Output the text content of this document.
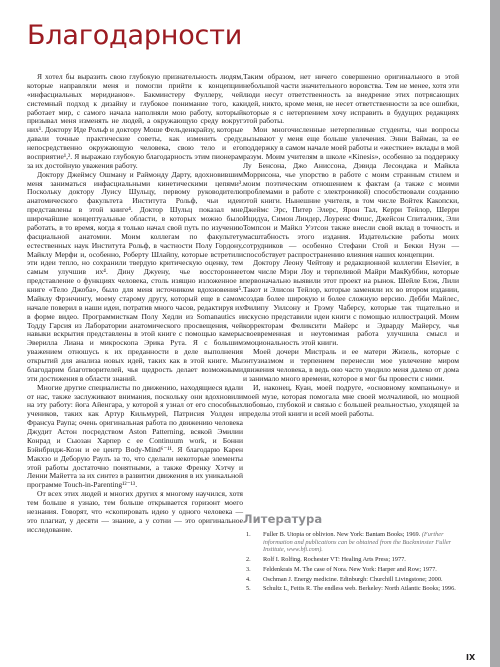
Благодарности

Я хотел бы выразить свою глубокую признательность людям, которые направляли меня и помогли прийти к концепции «инфасциальных меридианов». Бакминстеру Фуллеру, чей системный подход к дизайну и глубокое понимание того, как работает мир, с самого начала наполняли мою работу, который призывал меня изменять не людей, а окружающую среду вокруг них¹. Доктору Иде Рольф и доктору Моше Фельденкрайзу, которые давали точные практические советы, как изменить среду, непосредственно окружающую человека, свою тело и его восприятие¹,². Я выражаю глубокую благодарность этим пионерам за их достойную уважения работу.

Доктору Джеймсу Ошману и Раймонду Дарту, вдохновившим меня заниматься инфасциальными кинетическими цепями³. Поскольку доктору Луису Шульцу, первому руководителю анатомического факультета Института Рольф, чьи идеи представлены в этой книге⁴. Доктор Шульц показал мне широчайшие концептуальные области, в которых можно было работать, в то время, когда я только начал свой путь по изучению фасциальной анатомии. Моим коллегам по факультету естественных наук Института Рольф, в частности Полу Гордону, Майклу Мерфи и, особенно, Роберту Шлайпу, которые встретили эти идеи тепло, но сохранили твердую критическую оценку, тем самым улучшив их⁴. Дину Джуену, чье восстороннее представление о функциях человека, столь изящно изложенное в книге «Тело Джоба», было для меня источником вдохновения⁵. Майклу Фрэнчингу, моему старому другу, который еще в самом начале поверил в наши идеи, потратив много часов, редактируя их в форме видео. Программисткам Полу Хедли из Somanautics и Тодду Гарсия из Лаборатории анатомического просвещения, чей навыки вскрытия представлены в этой книге с помощью камеры Эверилла Лиана и микроскопа Эрика Рута. Я с большим уважением отношусь к их преданности в деле выполнения открытий для анализа новых идей, таких как в этой книге. Мы благодарим благотворителей, чья щедрость делает возможными эти достижения в области знаний.

Многие другие специалисты по движению, находящиеся вдали от нас, также заслуживают внимания, поскольку они вдохновили на эту работу: йога Айенгара, у которой я узнал от его способных учеников, таких как Артур Кильмурей, Патрисия Уолден и Франсуа Раупа; очень оригинальная работа по движению человека Джудит Астон посредством Aston Patterning, всякой Эмилии Конрад и Сьюзан Харпер с ее Continuum work, и Бонни Бэйнбридж-Коэн и ее центр Body-Mind⁶⁻¹¹. Я благодарю Карен Макхзо и Деборую Раулъ за то, что сделали некоторые элементы этой работы достаточно понятными, а также Френку Хэтчу и Ленни Майетта за их синтез в развитии движения в их уникальной программе Touch-in-Parenting¹²⁻¹³.

От всех этих людей и многих других я многому научился, хотя тем больше я узнаю, тем больше открывается горизонт моего незнания. Говорят, что «скопировать идею у одного человека — это плагиат, у десяти — знание, а у сотни — это оригинальное исследование.

Таким образом, нет ничего совершенно оригинального в этой небольшой части значительного воровства. Тем не менее, хотя эти люди несут ответственность за внедрение этих потрясающих идей, никто, кроме меня, не несет ответственности за все ошибки, которые я с нетерпением хочу исправить в будущих редакциях этой работы.

Мои многочисленные нетерпеливые студенты, чьи вопросы вызывают у меня еще больше увлечения. Энни Вайман, за ее поддержку в самом начале моей работы и «жесткие» вклады в мой разум. Моим учителям в школе «Kinesis», особенно за поддержку Лу Бенсона, Джо Аниссона, Дэвида Лесондака и Майкла Моррисона, чье упорство в работе с моим странным стилем и моим поэтическим отношением к фактам (а также с моими проблемами в работе с электроникой) способствовали созданию этой книги. Нынешние учителя, в том числе Войтек Какопски, Джеймс Эрс, Питер Элерс, Ярон Тал, Керри Тейлор, Шерри Ицидуа, Симон Линдер, Лоуренс Фишс, Джейсон Спиталник, Эли Томпсон и Майкл Уэтсон также внесли свой вклад в точность и масштабность этого издания. Издательские работы моих сотрудников — особенно Стефани Стой и Бекки Нуэн — способствует распространению влияния наших концепции.

Доктору Леону Чейтову и редакционной коллегии Elsevier, в том числе Мэри Лоу и терпеливой Майри МакКуббин, которые первоначально выявили этот проект на рынок. Шейле Блэк, Лили Такот и Элисон Тейлор, которые заменяли их во втором издании, создав более широкую и более сложную версию. Дебби Майлес, Филипу Уилсону и Грэму Чаберсу, которые так тщательно и искусно представили идеи книги с помощью иллюстраций. Моим корректорам Феликсити Майерс и Эдварду Майерсу, чья своевременная и неутомимая работа улучшила смысл и эмоциональность этой книги.

Моей дочери Мистраль и ее матери Жизель, которые с энтузиазмом и терпением перенесли мое увлечение миром движения человека, в ведь оно часто уводило меня далеко от дома и занимало много времени, которое я мог бы провести с ними.

И, наконец, Куан, моей подруге, «основному компаньону» и моей музе, которая помогала мне своей молчаливой, но мощной любовью, глубокой и связью с большей реальностью, уходящей за пределы этой книги и всей моей работы.

Литература
1. Fuller B. Utopia or oblivion. New York: Bantam Books; 1969. (Further information and publications can be obtained from the Buckminster Fuller Institute, www.bfi.com).
2. Rolf I. Rolfing. Rochester VT: Healing Arts Press; 1977.
3. Feldenkrais M. The case of Nora. New York: Harper and Row; 1977.
4. Oschman J. Energy medicine. Edinburgh: Churchill Livingstone; 2000.
5. Schultz L, Feitis R. The endless web. Berkeley: North Atlantic Books; 1996.
IX
